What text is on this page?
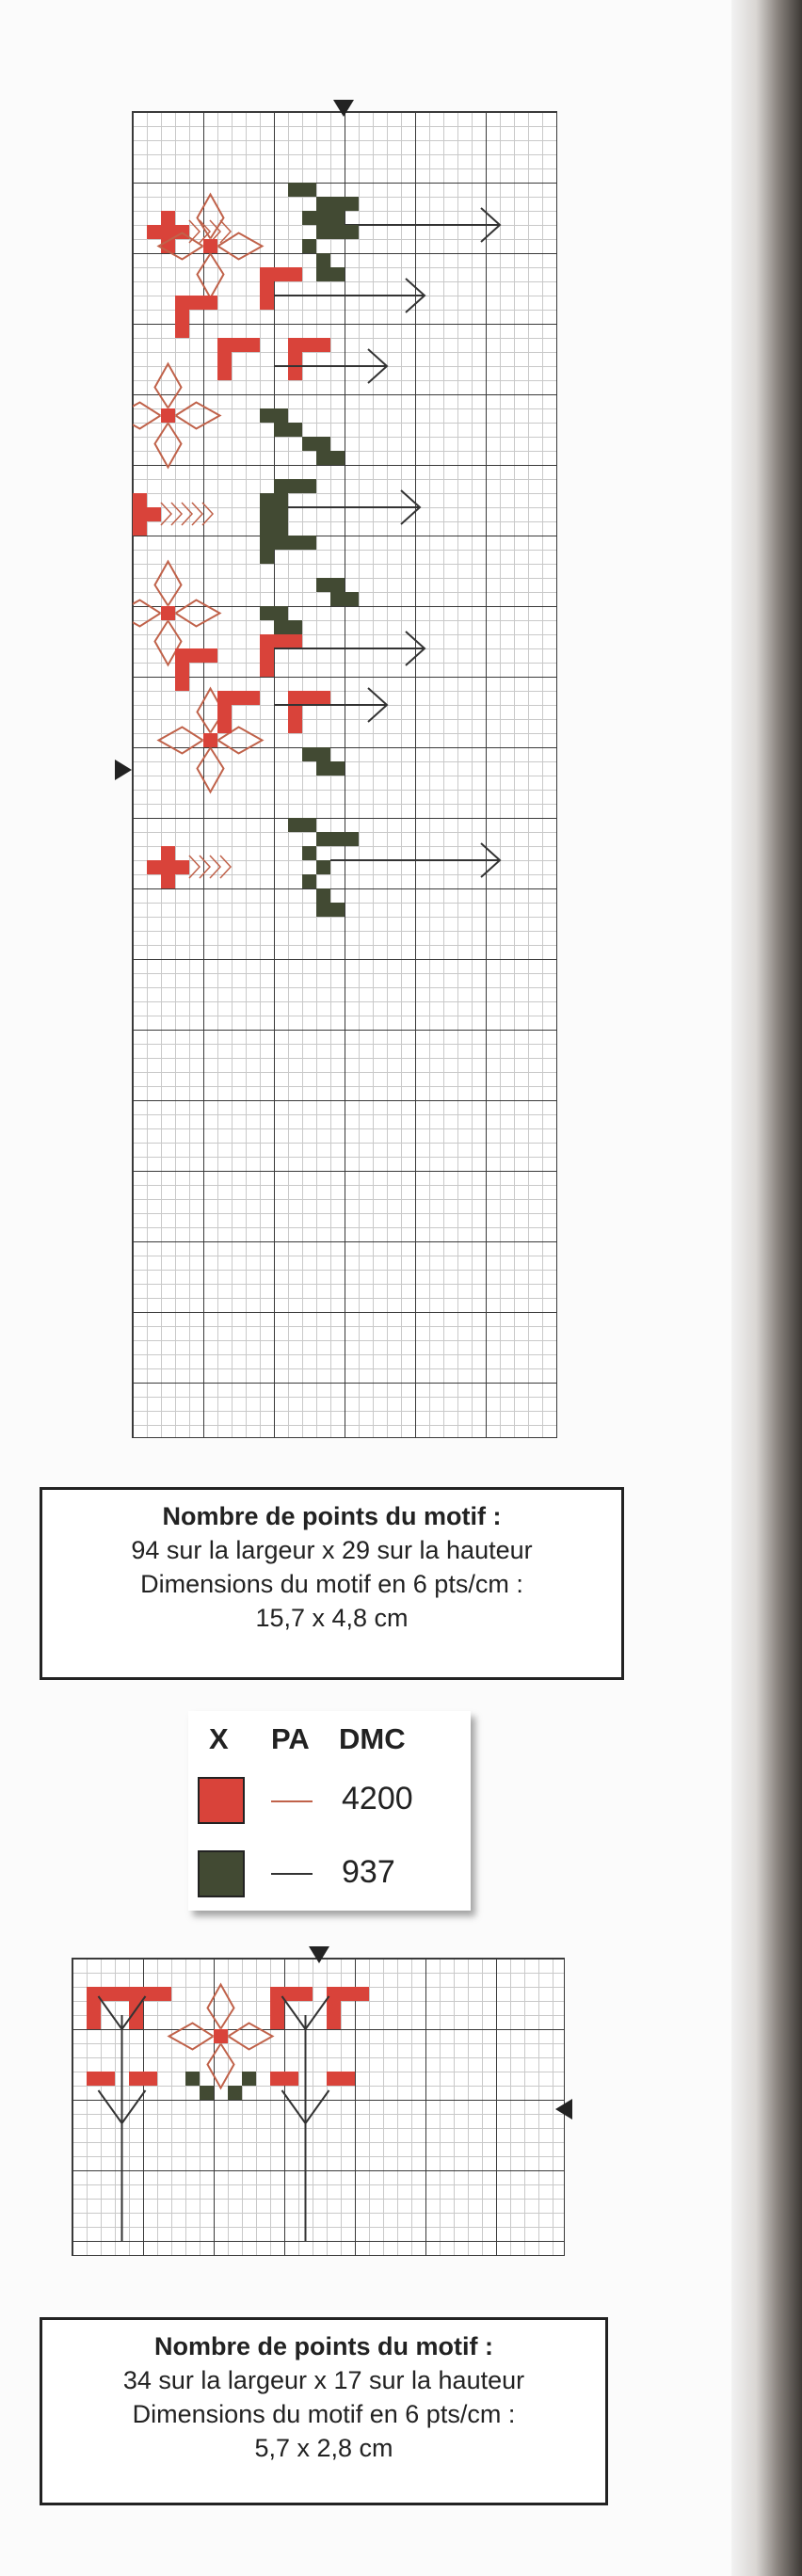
Nombre de points du motif :
94 sur la largeur x 29 sur la hauteur
Dimensions du motif en 6 pts/cm :
15,7 x 4,8 cm
X PA DMC
4200
937
Nombre de points du motif :
34 sur la largeur x 17 sur la hauteur
Dimensions du motif en 6 pts/cm :
5,7 x 2,8 cm
